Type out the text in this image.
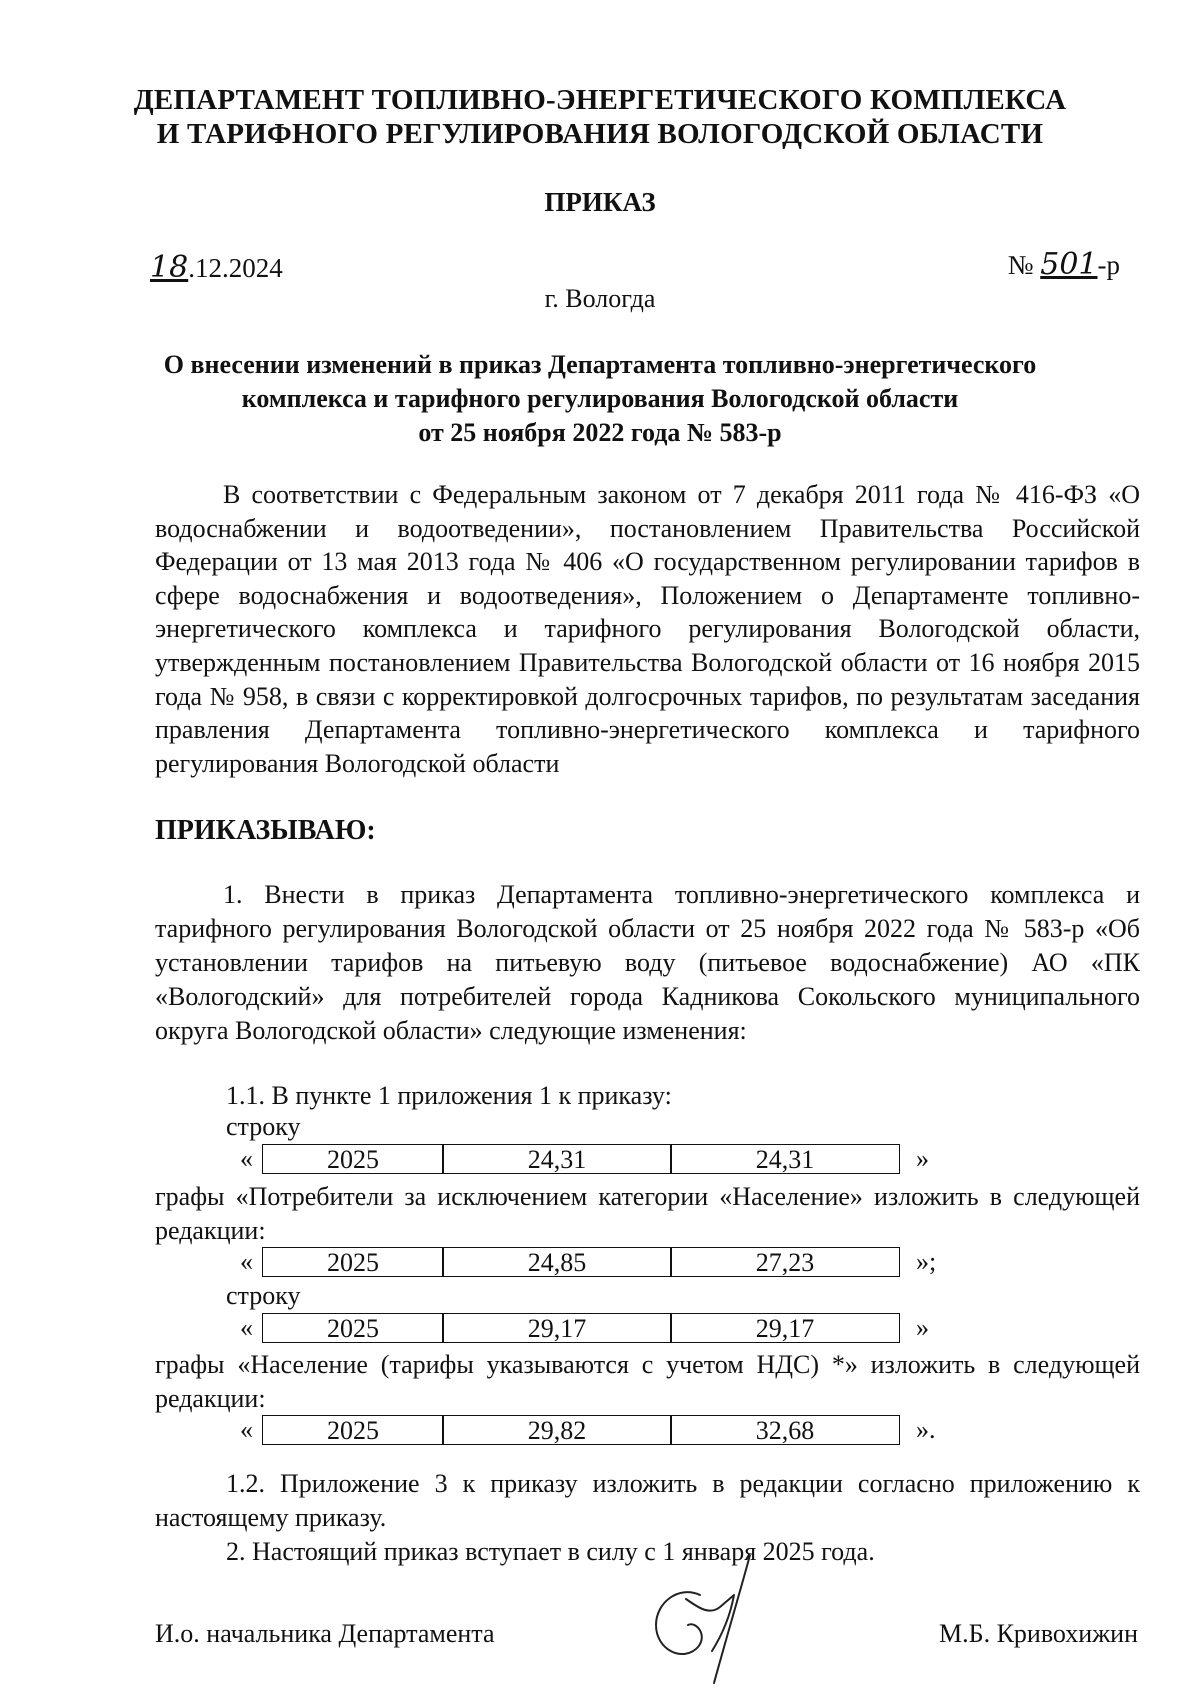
ДЕПАРТАМЕНТ ТОПЛИВНО-ЭНЕРГЕТИЧЕСКОГО КОМПЛЕКСА
И ТАРИФНОГО РЕГУЛИРОВАНИЯ ВОЛОГОДСКОЙ ОБЛАСТИ
ПРИКАЗ
18.12.2024	№ 501-р
г. Вологда
О внесении изменений в приказ Департамента топливно-энергетического
комплекса и тарифного регулирования Вологодской области
от 25 ноября 2022 года № 583-р
В соответствии с Федеральным законом от 7 декабря 2011 года № 416-ФЗ «О водоснабжении и водоотведении», постановлением Правительства Российской Федерации от 13 мая 2013 года № 406 «О государственном регулировании тарифов в сфере водоснабжения и водоотведения», Положением о Департаменте топливно-энергетического комплекса и тарифного регулирования Вологодской области, утвержденным постановлением Правительства Вологодской области от 16 ноября 2015 года № 958, в связи с корректировкой долгосрочных тарифов, по результатам заседания правления Департамента топливно-энергетического комплекса и тарифного регулирования Вологодской области
ПРИКАЗЫВАЮ:
1. Внести в приказ Департамента топливно-энергетического комплекса и тарифного регулирования Вологодской области от 25 ноября 2022 года № 583-р «Об установлении тарифов на питьевую воду (питьевое водоснабжение) АО «ПК «Вологодский» для потребителей города Кадникова Сокольского муниципального округа Вологодской области» следующие изменения:
1.1. В пункте 1 приложения 1 к приказу:
строку
«	2025	24,31	24,31	»
графы «Потребители за исключением категории «Население» изложить в следующей редакции:
«	2025	24,85	27,23	»;
строку
«	2025	29,17	29,17	»
графы «Население (тарифы указываются с учетом НДС) *» изложить в следующей редакции:
«	2025	29,82	32,68	».
1.2. Приложение 3 к приказу изложить в редакции согласно приложению к настоящему приказу.
2. Настоящий приказ вступает в силу с 1 января 2025 года.
И.о. начальника Департамента	М.Б. Кривохижин
